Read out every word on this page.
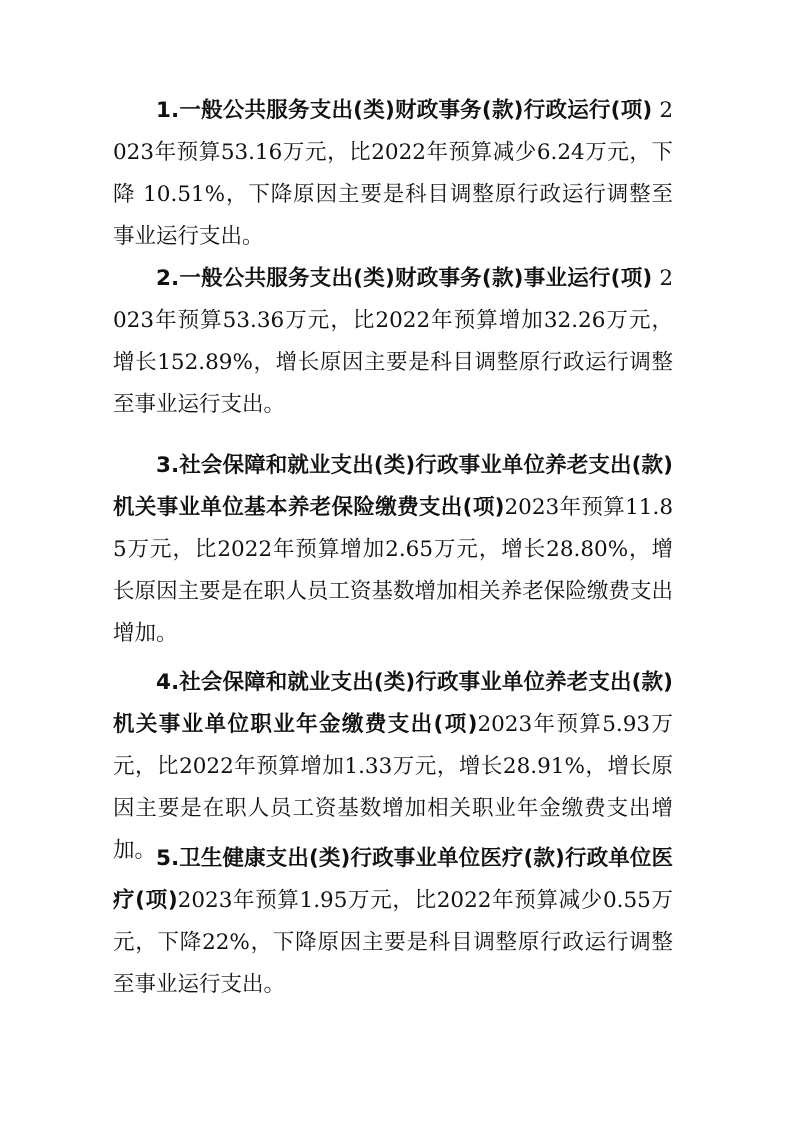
1.一般公共服务支出(类)财政事务(款)行政运行(项) 2023年预算53.16万元，比2022年预算减少6.24万元，下降 10.51%，下降原因主要是科目调整原行政运行调整至事业运行支出。

2.一般公共服务支出(类)财政事务(款)事业运行(项) 2023年预算53.36万元，比2022年预算增加32.26万元，增长152.89%，增长原因主要是科目调整原行政运行调整至事业运行支出。

3.社会保障和就业支出(类)行政事业单位养老支出(款)机关事业单位基本养老保险缴费支出(项)2023年预算11.85万元，比2022年预算增加2.65万元，增长28.80%，增长原因主要是在职人员工资基数增加相关养老保险缴费支出增加。

4.社会保障和就业支出(类)行政事业单位养老支出(款)机关事业单位职业年金缴费支出(项)2023年预算5.93万元，比2022年预算增加1.33万元，增长28.91%，增长原因主要是在职人员工资基数增加相关职业年金缴费支出增加。 5.卫生健康支出(类)行政事业单位医疗(款)行政单位医疗(项)2023年预算1.95万元，比2022年预算减少0.55万元，下降22%，下降原因主要是科目调整原行政运行调整至事业运行支出。
